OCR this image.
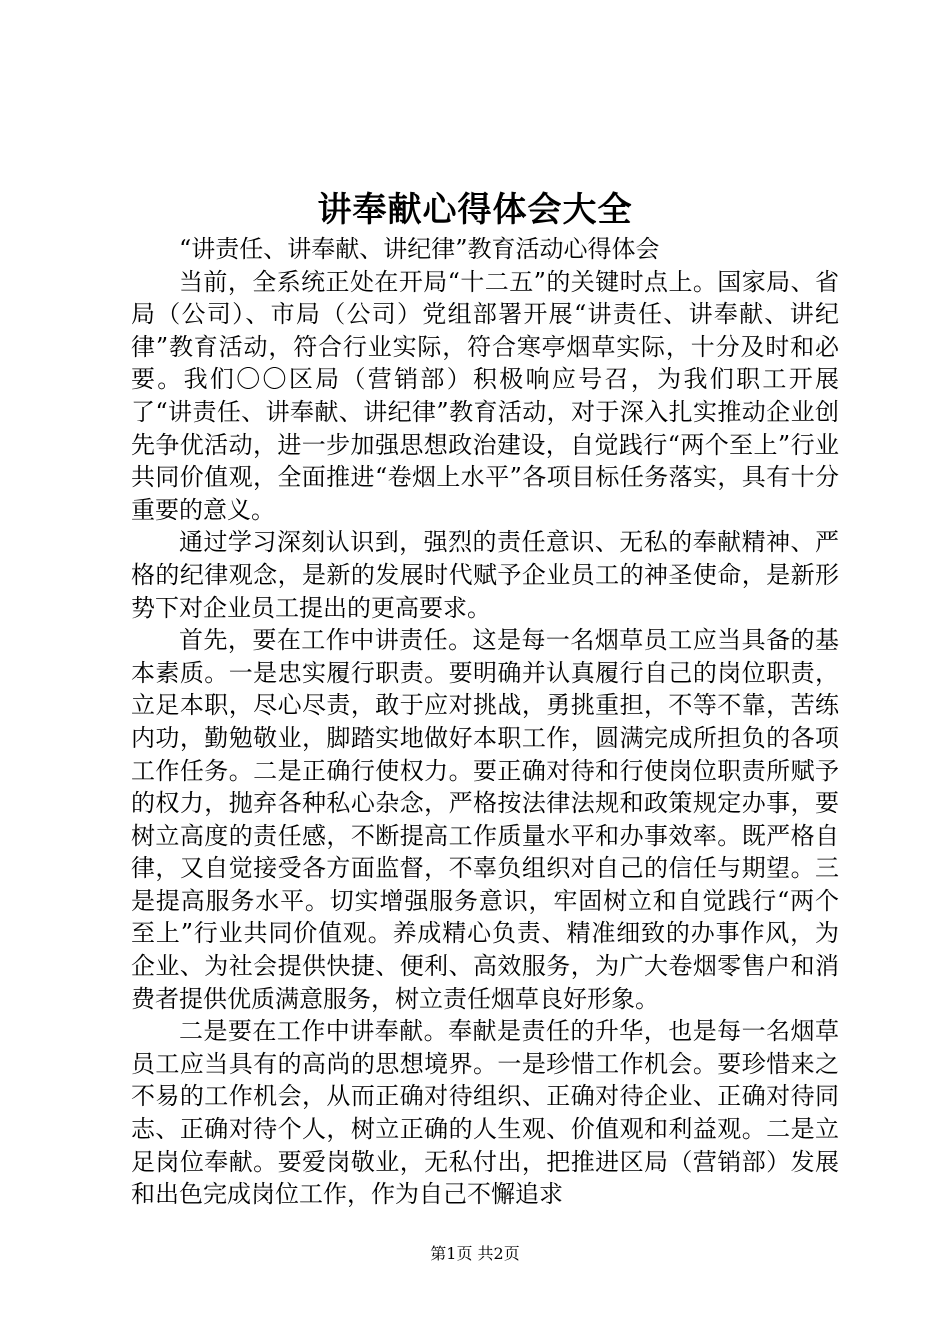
讲奉献心得体会大全

“讲责任、讲奉献、讲纪律”教育活动心得体会

当前，全系统正处在开局“十二五”的关键时点上。国家局、省局（公司）、市局（公司）党组部署开展“讲责任、讲奉献、讲纪律”教育活动，符合行业实际，符合寒亭烟草实际，十分及时和必要。我们〇〇区局（营销部）积极响应号召，为我们职工开展了“讲责任、讲奉献、讲纪律”教育活动，对于深入扎实推动企业创先争优活动，进一步加强思想政治建设，自觉践行“两个至上”行业共同价值观，全面推进“卷烟上水平”各项目标任务落实，具有十分重要的意义。

通过学习深刻认识到，强烈的责任意识、无私的奉献精神、严格的纪律观念，是新的发展时代赋予企业员工的神圣使命，是新形势下对企业员工提出的更高要求。

首先，要在工作中讲责任。这是每一名烟草员工应当具备的基本素质。一是忠实履行职责。要明确并认真履行自己的岗位职责，立足本职，尽心尽责，敢于应对挑战，勇挑重担，不等不靠，苦练内功，勤勉敬业，脚踏实地做好本职工作，圆满完成所担负的各项工作任务。二是正确行使权力。要正确对待和行使岗位职责所赋予的权力，抛弃各种私心杂念，严格按法律法规和政策规定办事，要树立高度的责任感，不断提高工作质量水平和办事效率。既严格自律，又自觉接受各方面监督，不辜负组织对自己的信任与期望。三是提高服务水平。切实增强服务意识，牢固树立和自觉践行“两个至上”行业共同价值观。养成精心负责、精准细致的办事作风，为企业、为社会提供快捷、便利、高效服务，为广大卷烟零售户和消费者提供优质满意服务，树立责任烟草良好形象。

二是要在工作中讲奉献。奉献是责任的升华，也是每一名烟草员工应当具有的高尚的思想境界。一是珍惜工作机会。要珍惜来之不易的工作机会，从而正确对待组织、正确对待企业、正确对待同志、正确对待个人，树立正确的人生观、价值观和利益观。二是立足岗位奉献。要爱岗敬业，无私付出，把推进区局（营销部）发展和出色完成岗位工作，作为自己不懈追求

第1页 共2页
